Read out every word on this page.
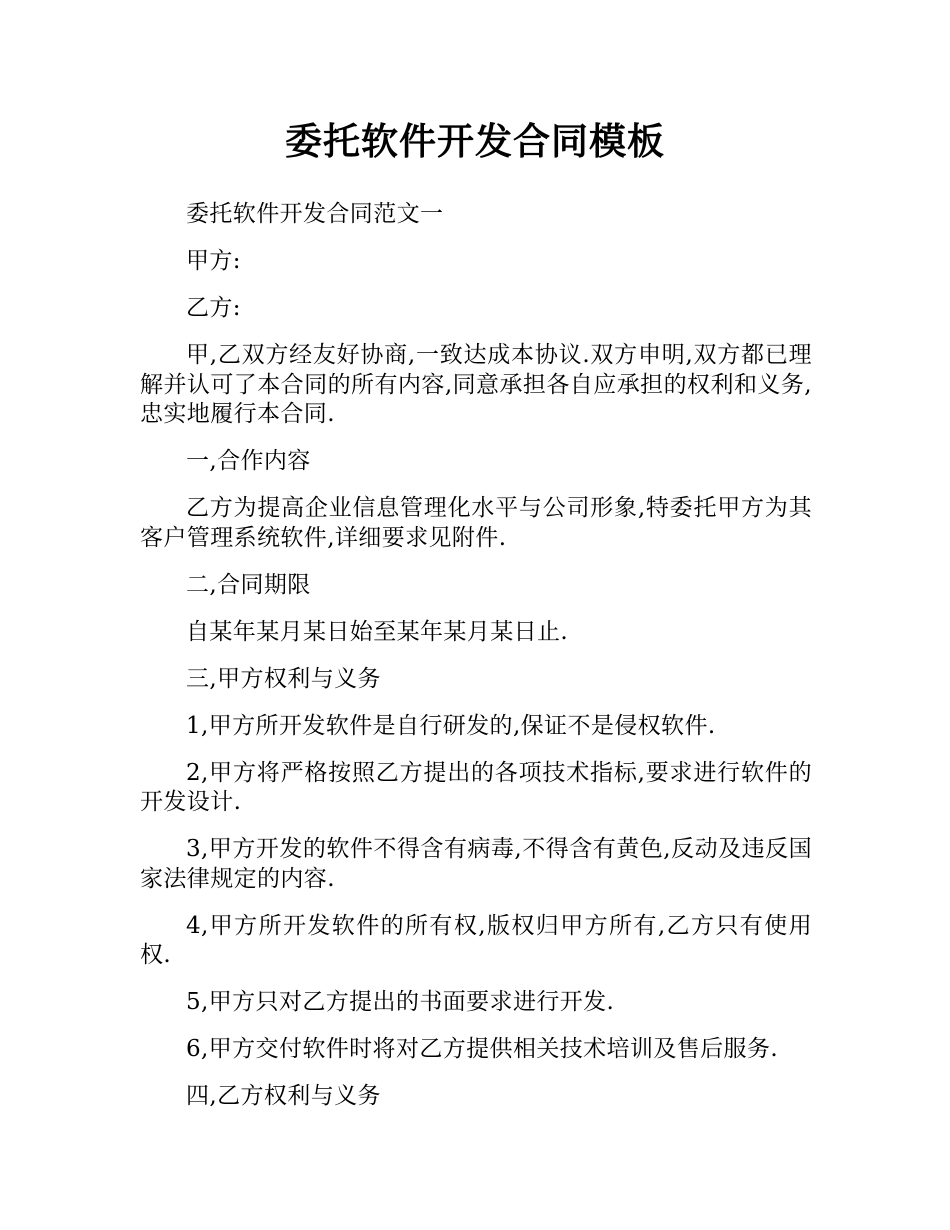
委托软件开发合同模板

委托软件开发合同范文一

甲方:

乙方:

甲,乙双方经友好协商,一致达成本协议.双方申明,双方都已理解并认可了本合同的所有内容,同意承担各自应承担的权利和义务,忠实地履行本合同.

一,合作内容

乙方为提高企业信息管理化水平与公司形象,特委托甲方为其客户管理系统软件,详细要求见附件.

二,合同期限

自某年某月某日始至某年某月某日止.

三,甲方权利与义务

1,甲方所开发软件是自行研发的,保证不是侵权软件.

2,甲方将严格按照乙方提出的各项技术指标,要求进行软件的开发设计.

3,甲方开发的软件不得含有病毒,不得含有黄色,反动及违反国家法律规定的内容.

4,甲方所开发软件的所有权,版权归甲方所有,乙方只有使用权.

5,甲方只对乙方提出的书面要求进行开发.

6,甲方交付软件时将对乙方提供相关技术培训及售后服务.

四,乙方权利与义务
